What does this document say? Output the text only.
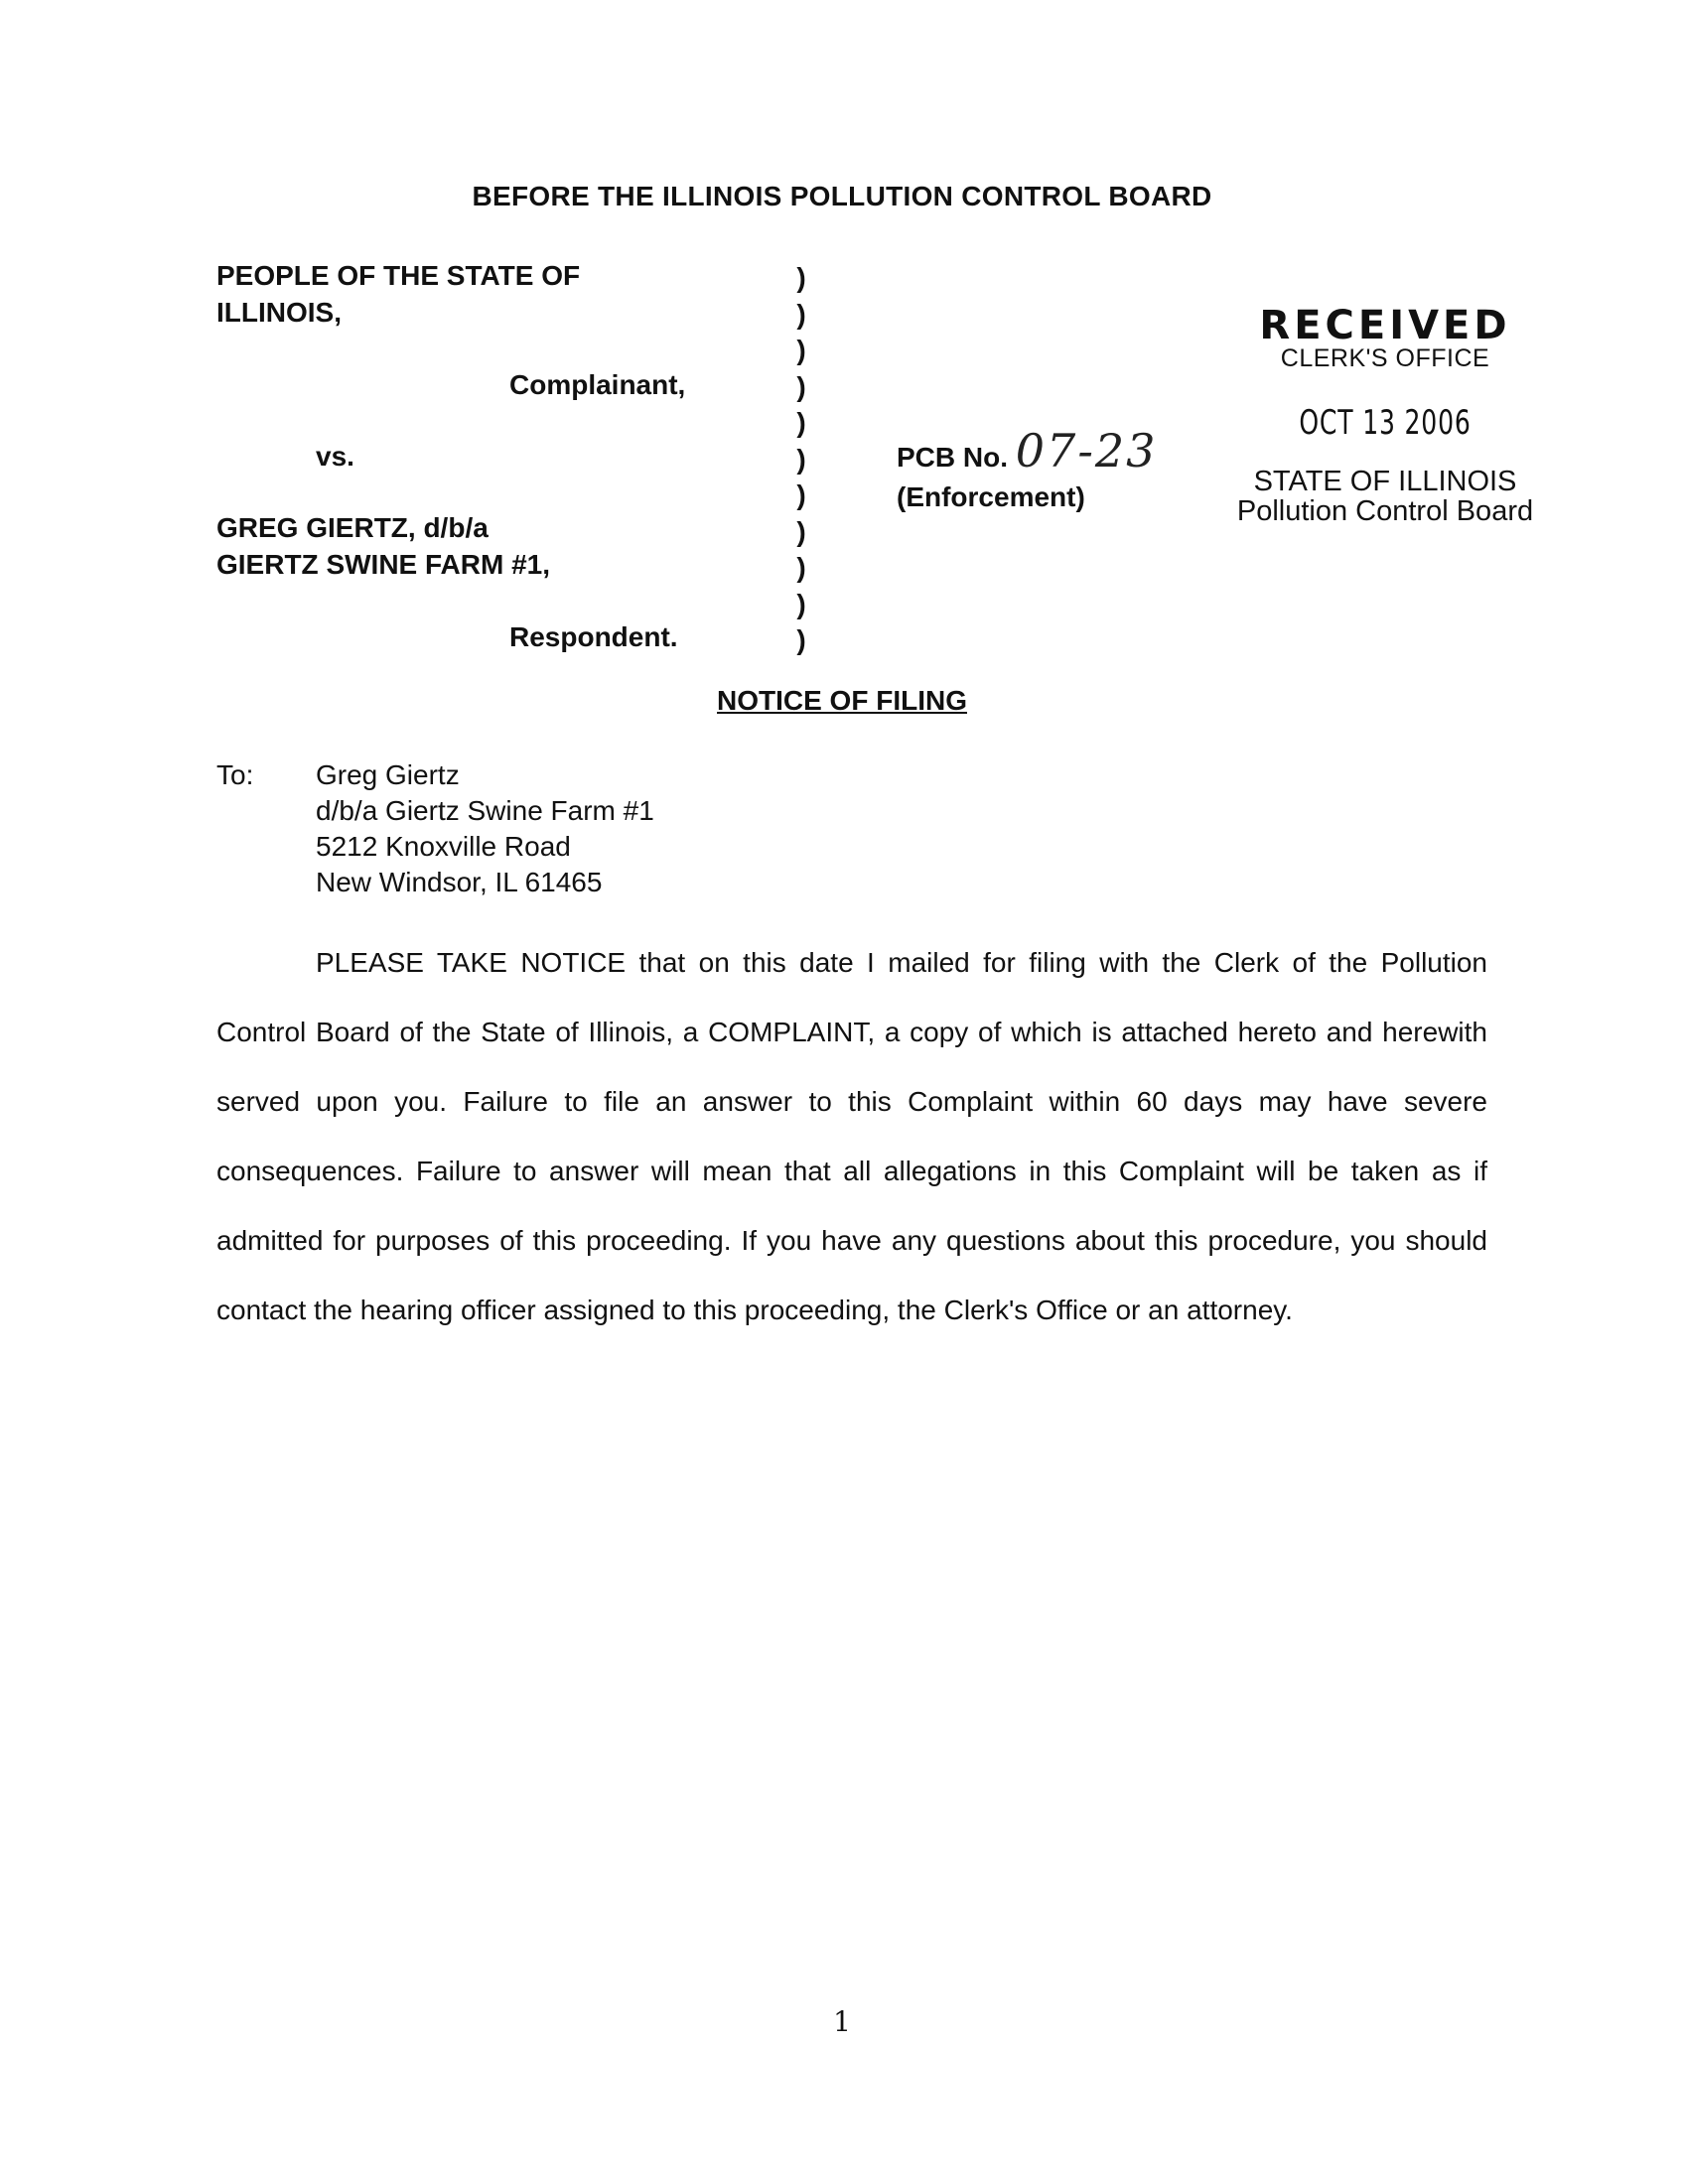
BEFORE THE ILLINOIS POLLUTION CONTROL BOARD
PEOPLE OF THE STATE OF
ILLINOIS,
Complainant,
vs.
GREG GIERTZ, d/b/a
GIERTZ SWINE FARM #1,
Respondent.
)
)
)
)
)
)
)
)
)
)
)
PCB No. 07-23
(Enforcement)
RECEIVED
CLERK'S OFFICE
OCT 13 2006
STATE OF ILLINOIS
Pollution Control Board
NOTICE OF FILING
To: Greg Giertz
d/b/a Giertz Swine Farm #1
5212 Knoxville Road
New Windsor, IL 61465
PLEASE TAKE NOTICE that on this date I mailed for filing with the Clerk of the Pollution Control Board of the State of Illinois, a COMPLAINT, a copy of which is attached hereto and herewith served upon you. Failure to file an answer to this Complaint within 60 days may have severe consequences. Failure to answer will mean that all allegations in this Complaint will be taken as if admitted for purposes of this proceeding. If you have any questions about this procedure, you should contact the hearing officer assigned to this proceeding, the Clerk's Office or an attorney.
1
